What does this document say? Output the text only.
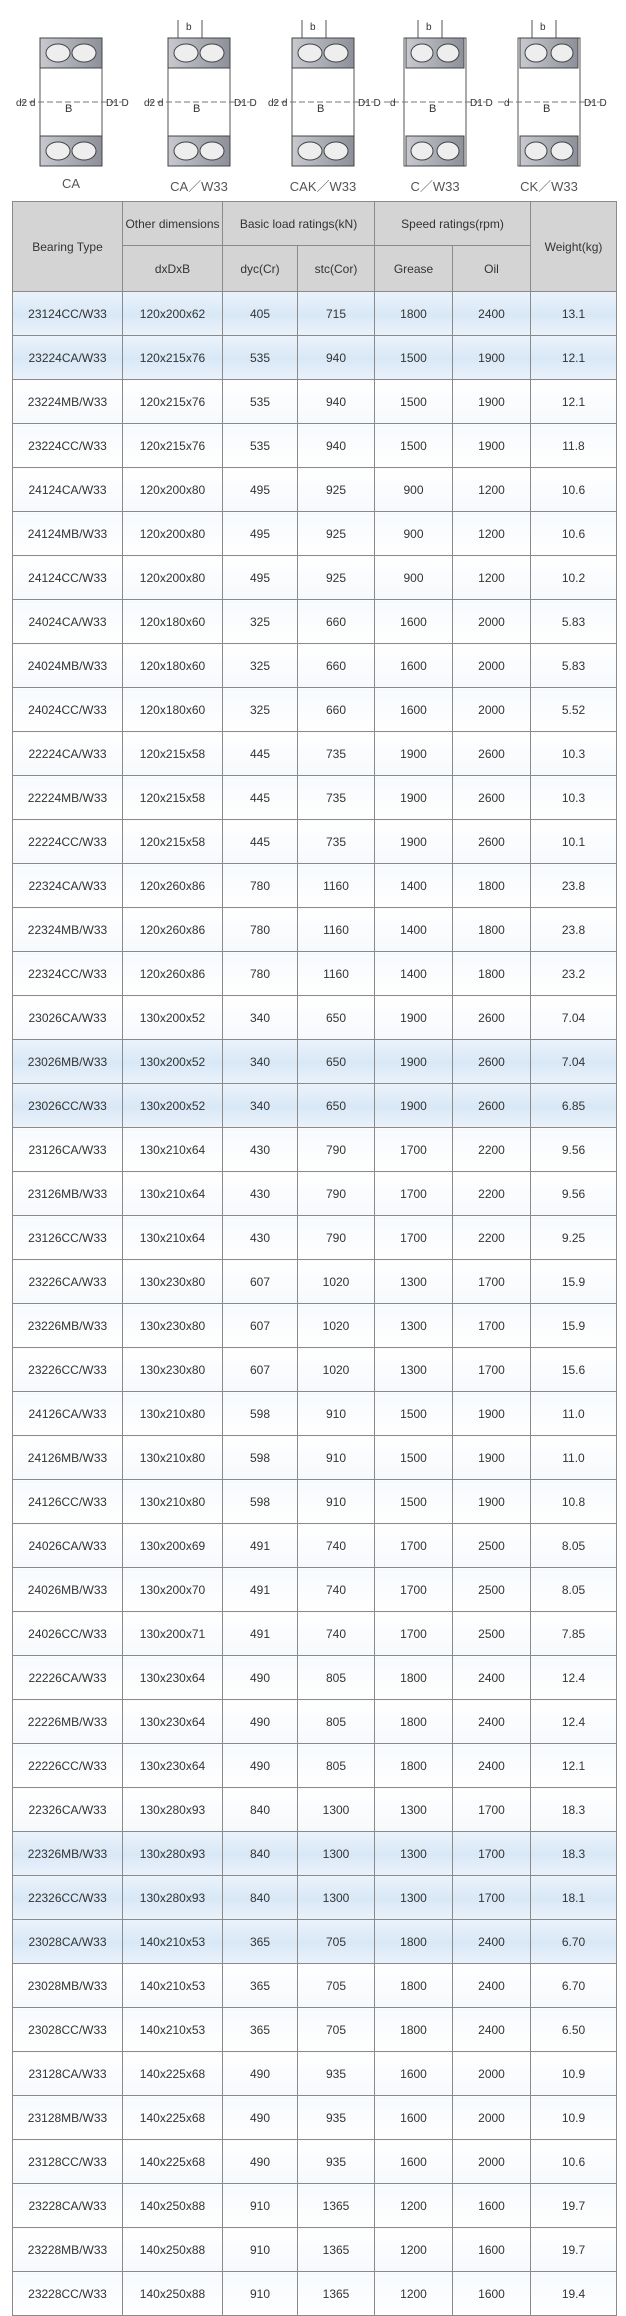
B
d2 d	D1 D
b
B
d2 d	D1 D
b
B
d2 d	D1 D
b
B
d	D1 D
b
B
d	D1 D
CA	CA／W33	CAK／W33	C／W33	CK／W33
Bearing Type	Other dimensions	Basic load ratings(kN)		Speed ratings(rpm)		Weight(kg)
	dxDxB	dyc(Cr)	stc(Cor)	Grease	Oil	
23124CC/W33	120x200x62	405	715	1800	2400	13.1
23224CA/W33	120x215x76	535	940	1500	1900	12.1
23224MB/W33	120x215x76	535	940	1500	1900	12.1
23224CC/W33	120x215x76	535	940	1500	1900	11.8
24124CA/W33	120x200x80	495	925	900	1200	10.6
24124MB/W33	120x200x80	495	925	900	1200	10.6
24124CC/W33	120x200x80	495	925	900	1200	10.2
24024CA/W33	120x180x60	325	660	1600	2000	5.83
24024MB/W33	120x180x60	325	660	1600	2000	5.83
24024CC/W33	120x180x60	325	660	1600	2000	5.52
22224CA/W33	120x215x58	445	735	1900	2600	10.3
22224MB/W33	120x215x58	445	735	1900	2600	10.3
22224CC/W33	120x215x58	445	735	1900	2600	10.1
22324CA/W33	120x260x86	780	1160	1400	1800	23.8
22324MB/W33	120x260x86	780	1160	1400	1800	23.8
22324CC/W33	120x260x86	780	1160	1400	1800	23.2
23026CA/W33	130x200x52	340	650	1900	2600	7.04
23026MB/W33	130x200x52	340	650	1900	2600	7.04
23026CC/W33	130x200x52	340	650	1900	2600	6.85
23126CA/W33	130x210x64	430	790	1700	2200	9.56
23126MB/W33	130x210x64	430	790	1700	2200	9.56
23126CC/W33	130x210x64	430	790	1700	2200	9.25
23226CA/W33	130x230x80	607	1020	1300	1700	15.9
23226MB/W33	130x230x80	607	1020	1300	1700	15.9
23226CC/W33	130x230x80	607	1020	1300	1700	15.6
24126CA/W33	130x210x80	598	910	1500	1900	11.0
24126MB/W33	130x210x80	598	910	1500	1900	11.0
24126CC/W33	130x210x80	598	910	1500	1900	10.8
24026CA/W33	130x200x69	491	740	1700	2500	8.05
24026MB/W33	130x200x70	491	740	1700	2500	8.05
24026CC/W33	130x200x71	491	740	1700	2500	7.85
22226CA/W33	130x230x64	490	805	1800	2400	12.4
22226MB/W33	130x230x64	490	805	1800	2400	12.4
22226CC/W33	130x230x64	490	805	1800	2400	12.1
22326CA/W33	130x280x93	840	1300	1300	1700	18.3
22326MB/W33	130x280x93	840	1300	1300	1700	18.3
22326CC/W33	130x280x93	840	1300	1300	1700	18.1
23028CA/W33	140x210x53	365	705	1800	2400	6.70
23028MB/W33	140x210x53	365	705	1800	2400	6.70
23028CC/W33	140x210x53	365	705	1800	2400	6.50
23128CA/W33	140x225x68	490	935	1600	2000	10.9
23128MB/W33	140x225x68	490	935	1600	2000	10.9
23128CC/W33	140x225x68	490	935	1600	2000	10.6
23228CA/W33	140x250x88	910	1365	1200	1600	19.7
23228MB/W33	140x250x88	910	1365	1200	1600	19.7
23228CC/W33	140x250x88	910	1365	1200	1600	19.4
